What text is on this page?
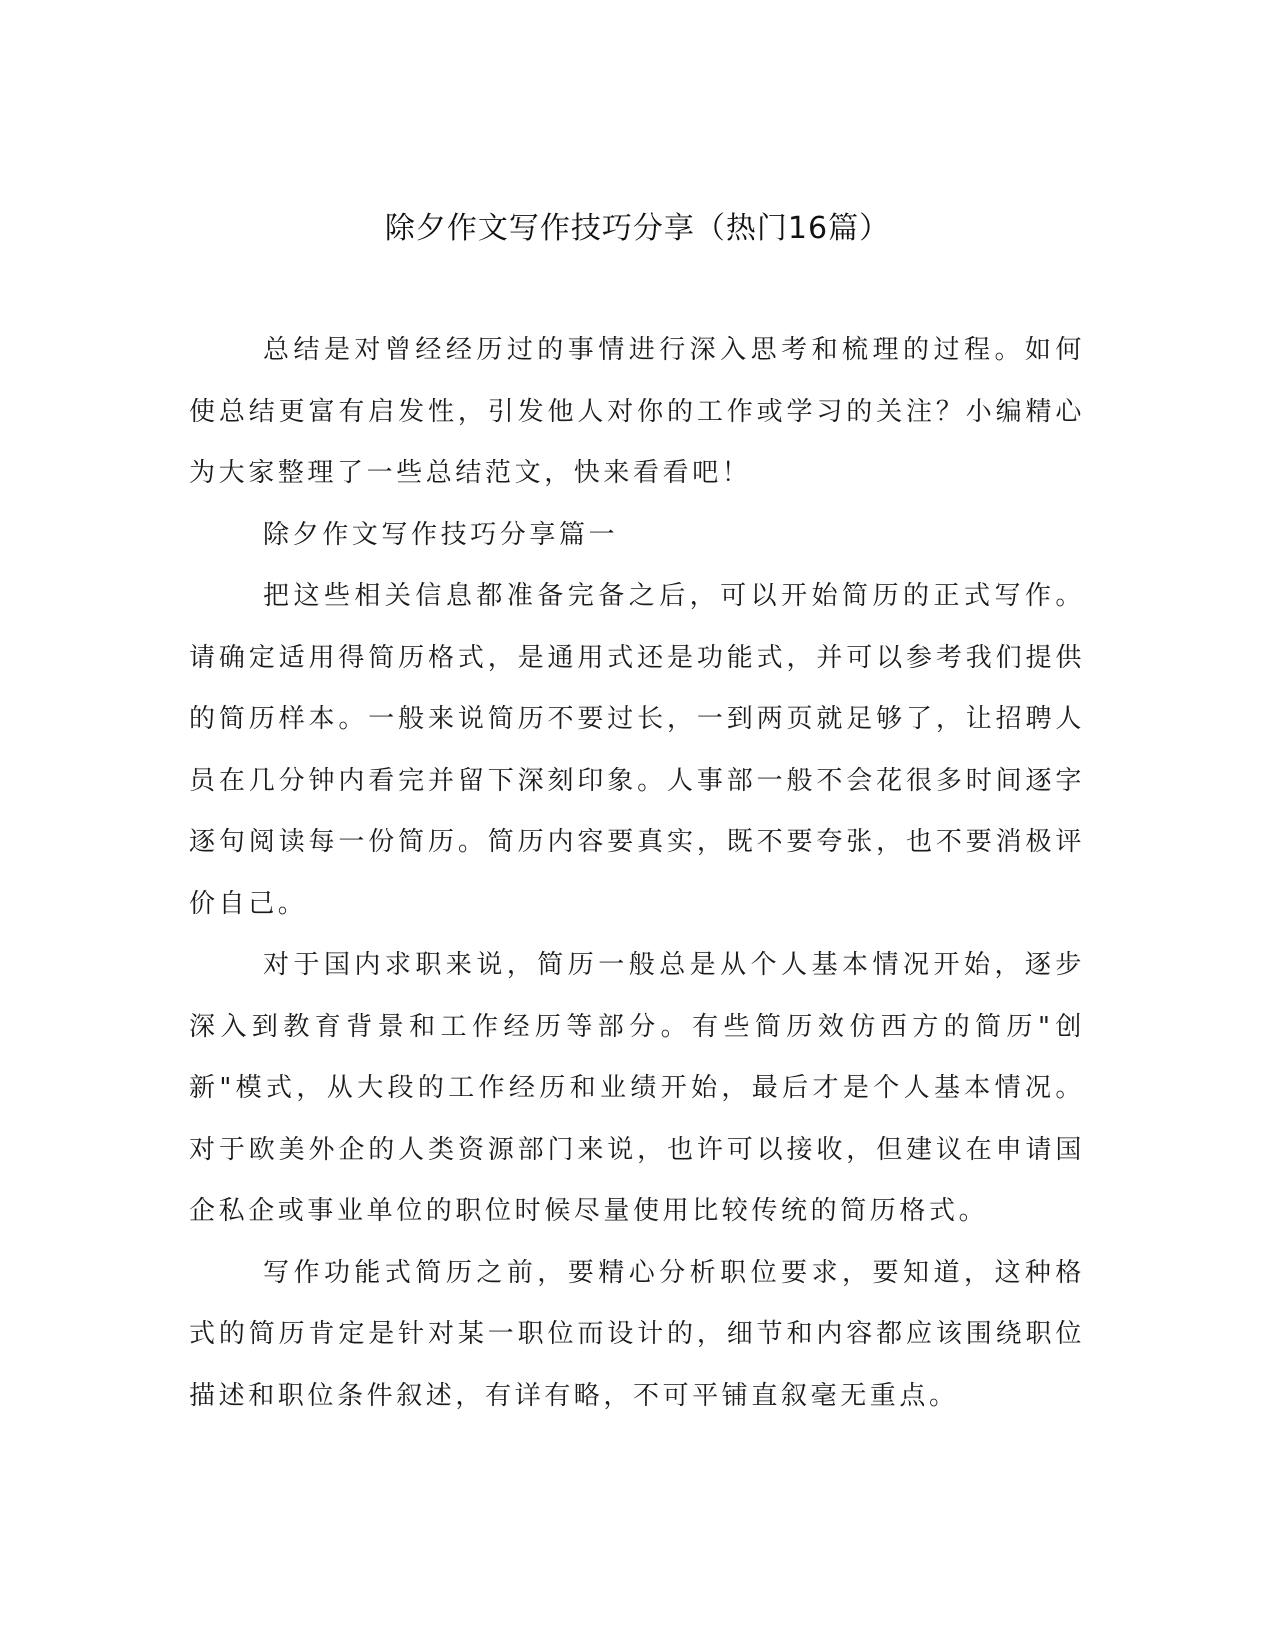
除夕作文写作技巧分享（热门16篇）

总结是对曾经经历过的事情进行深入思考和梳理的过程。如何使总结更富有启发性，引发他人对你的工作或学习的关注？小编精心为大家整理了一些总结范文，快来看看吧！

除夕作文写作技巧分享篇一

把这些相关信息都准备完备之后，可以开始简历的正式写作。请确定适用得简历格式，是通用式还是功能式，并可以参考我们提供的简历样本。一般来说简历不要过长，一到两页就足够了，让招聘人员在几分钟内看完并留下深刻印象。人事部一般不会花很多时间逐字逐句阅读每一份简历。简历内容要真实，既不要夸张，也不要消极评价自己。

对于国内求职来说，简历一般总是从个人基本情况开始，逐步深入到教育背景和工作经历等部分。有些简历效仿西方的简历"创新"模式，从大段的工作经历和业绩开始，最后才是个人基本情况。对于欧美外企的人类资源部门来说，也许可以接收，但建议在申请国企私企或事业单位的职位时候尽量使用比较传统的简历格式。

写作功能式简历之前，要精心分析职位要求，要知道，这种格式的简历肯定是针对某一职位而设计的，细节和内容都应该围绕职位描述和职位条件叙述，有详有略，不可平铺直叙毫无重点。
